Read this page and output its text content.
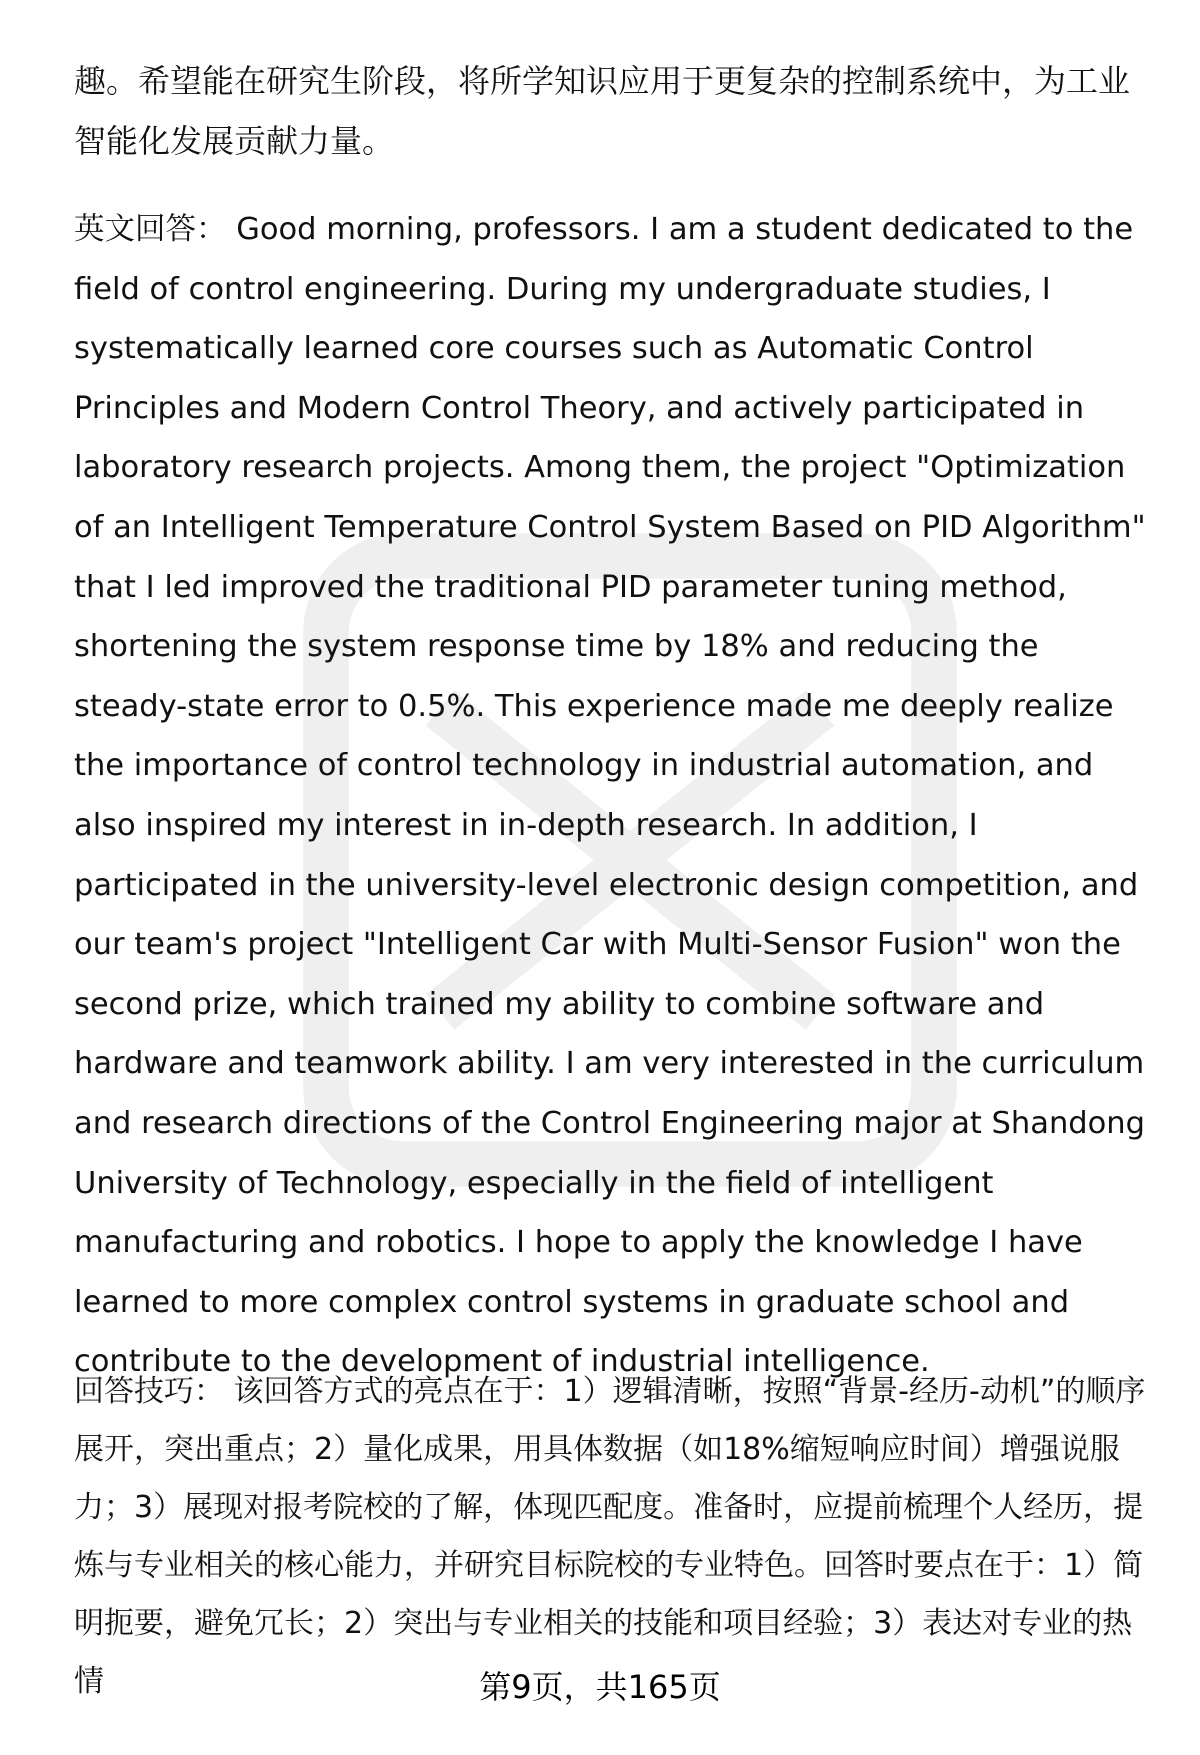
趣。希望能在研究生阶段，将所学知识应用于更复杂的控制系统中，为工业智能化发展贡献力量。

英文回答： Good morning, professors. I am a student dedicated to the field of control engineering. During my undergraduate studies, I systematically learned core courses such as Automatic Control Principles and Modern Control Theory, and actively participated in laboratory research projects. Among them, the project "Optimization of an Intelligent Temperature Control System Based on PID Algorithm" that I led improved the traditional PID parameter tuning method, shortening the system response time by 18% and reducing the steady-state error to 0.5%. This experience made me deeply realize the importance of control technology in industrial automation, and also inspired my interest in in-depth research. In addition, I participated in the university-level electronic design competition, and our team's project "Intelligent Car with Multi-Sensor Fusion" won the second prize, which trained my ability to combine software and hardware and teamwork ability. I am very interested in the curriculum and research directions of the Control Engineering major at Shandong University of Technology, especially in the field of intelligent manufacturing and robotics. I hope to apply the knowledge I have learned to more complex control systems in graduate school and contribute to the development of industrial intelligence.

回答技巧： 该回答方式的亮点在于：1）逻辑清晰，按照“背景-经历-动机”的顺序展开，突出重点；2）量化成果，用具体数据（如18%缩短响应时间）增强说服力；3）展现对报考院校的了解，体现匹配度。准备时，应提前梳理个人经历，提炼与专业相关的核心能力，并研究目标院校的专业特色。回答时要点在于：1）简明扼要，避免冗长；2）突出与专业相关的技能和项目经验；3）表达对专业的热情	第9页，共165页
